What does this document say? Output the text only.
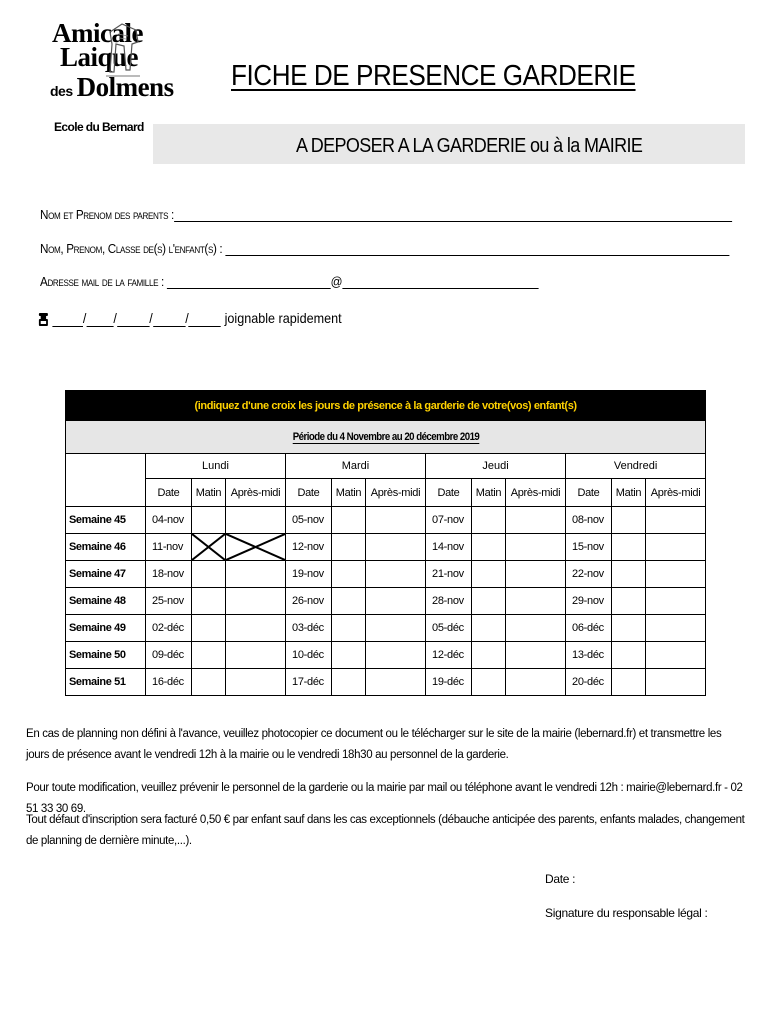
Amicale
Laique
des Dolmens
Ecole du Bernard
FICHE DE PRESENCE GARDERIE
A DEPOSER A LA GARDERIE ou à la MAIRIE
Nom et Prenom des parents :
Nom, Prenom, Classe de(s) l'enfant(s) :
Adresse mail de la famille :	@
/ / / /	joignable rapidement
(indiquez d'une croix les jours de présence à la garderie de votre(vos) enfant(s)												
Période du 4 Novembre au 20 décembre 2019												
	Lundi			Mardi			Jeudi			Vendredi		
	Date	Matin	Après-midi	Date	Matin	Après-midi	Date	Matin	Après-midi	Date	Matin	Après-midi
Semaine 45	04-nov			05-nov			07-nov			08-nov		
Semaine 46	11-nov			12-nov			14-nov			15-nov		
Semaine 47	18-nov			19-nov			21-nov			22-nov		
Semaine 48	25-nov			26-nov			28-nov			29-nov		
Semaine 49	02-déc			03-déc			05-déc			06-déc		
Semaine 50	09-déc			10-déc			12-déc			13-déc		
Semaine 51	16-déc			17-déc			19-déc			20-déc		
En cas de planning non défini à l'avance, veuillez photocopier ce document ou le télécharger sur le site de la mairie (lebernard.fr) et transmettre les jours de présence avant le vendredi 12h à la mairie ou le vendredi 18h30 au personnel de la garderie.
Pour toute modification, veuillez prévenir le personnel de la garderie ou la mairie par mail ou téléphone avant le vendredi 12h : mairie@lebernard.fr - 02 51 33 30 69.
Tout défaut d'inscription sera facturé 0,50 € par enfant sauf dans les cas exceptionnels (débauche anticipée des parents, enfants malades, changement de planning de dernière minute,...).
Date :
Signature du responsable légal :
